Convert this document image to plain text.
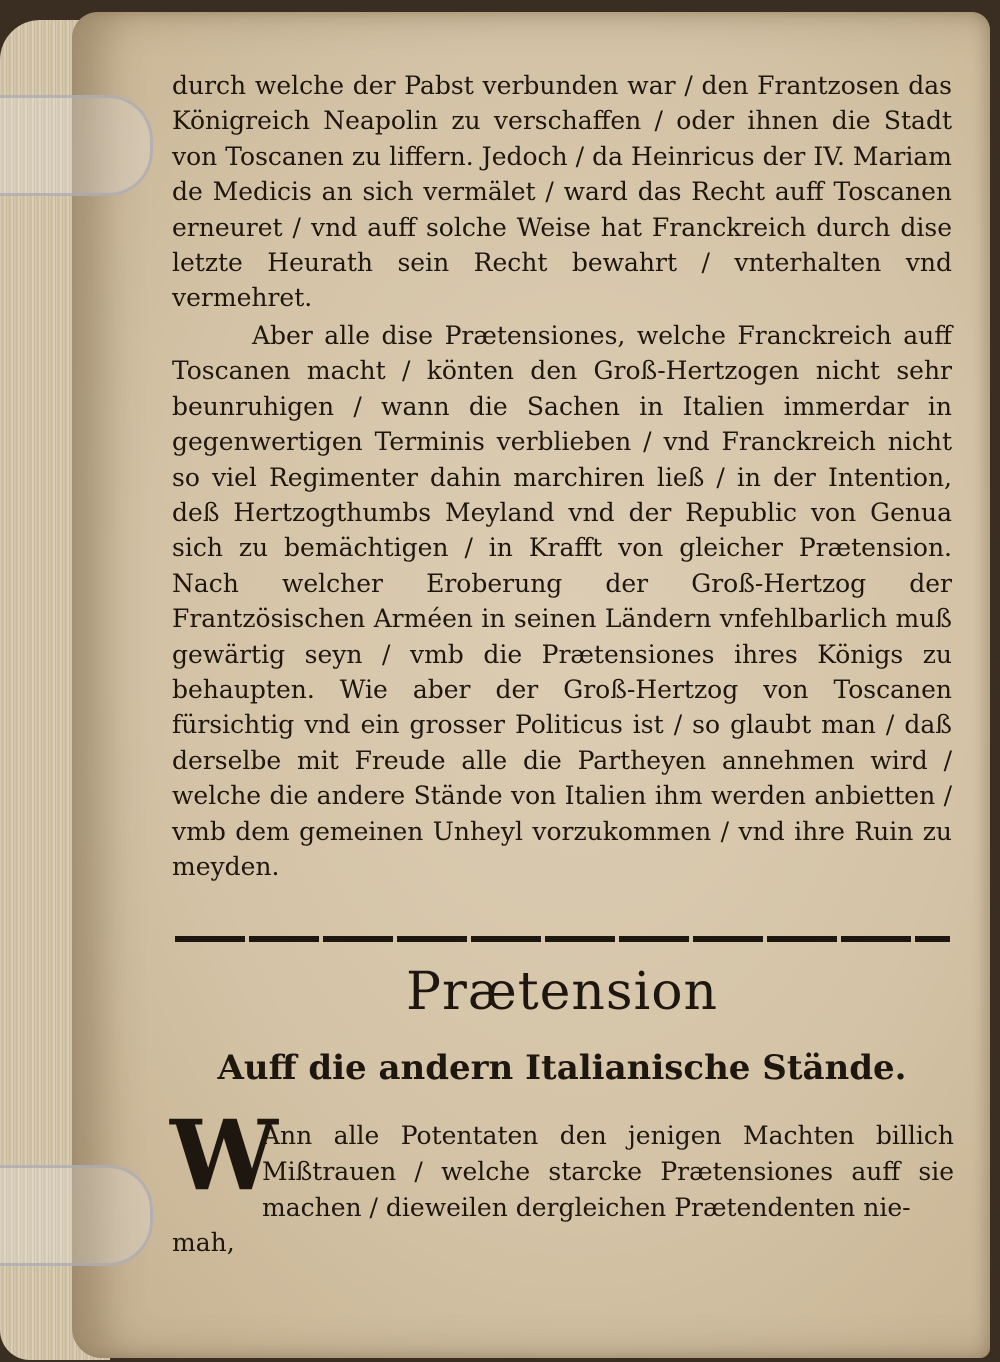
durch welche der Pabst verbunden war / den Frantzosen das Königreich Neapolin zu verschaffen / oder ihnen die Stadt von Toscanen zu liffern. Jedoch / da Heinricus der IV. Mariam de Medicis an sich vermälet / ward das Recht auff Toscanen erneuret / vnd auff solche Weise hat Franckreich durch dise letzte Heurath sein Recht bewahrt / vnterhalten vnd vermehret.
Aber alle dise Prætensiones, welche Franckreich auff Toscanen macht / könten den Groß-Hertzogen nicht sehr beunruhigen / wann die Sachen in Italien immerdar in gegenwertigen Terminis verblieben / vnd Franckreich nicht so viel Regimenter dahin marchiren ließ / in der Intention, deß Hertzogthumbs Meyland vnd der Republic von Genua sich zu bemächtigen / in Krafft von gleicher Prætension. Nach welcher Eroberung der Groß-Hertzog der Frantzösischen Arméen in seinen Ländern vnfehlbarlich muß gewärtig seyn / vmb die Prætensiones ihres Königs zu behaupten. Wie aber der Groß-Hertzog von Toscanen fürsichtig vnd ein grosser Politicus ist / so glaubt man / daß derselbe mit Freude alle die Partheyen annehmen wird / welche die andere Stände von Italien ihm werden anbietten / vmb dem gemeinen Unheyl vorzukommen / vnd ihre Ruin zu meyden.
Prætension
Auff die andern Italianische Stände.
W
Ann alle Potentaten den jenigen Machten billich Mißtrauen / welche starcke Prætensiones auff sie machen / dieweilen dergleichen Prætendenten nie-
mah,
